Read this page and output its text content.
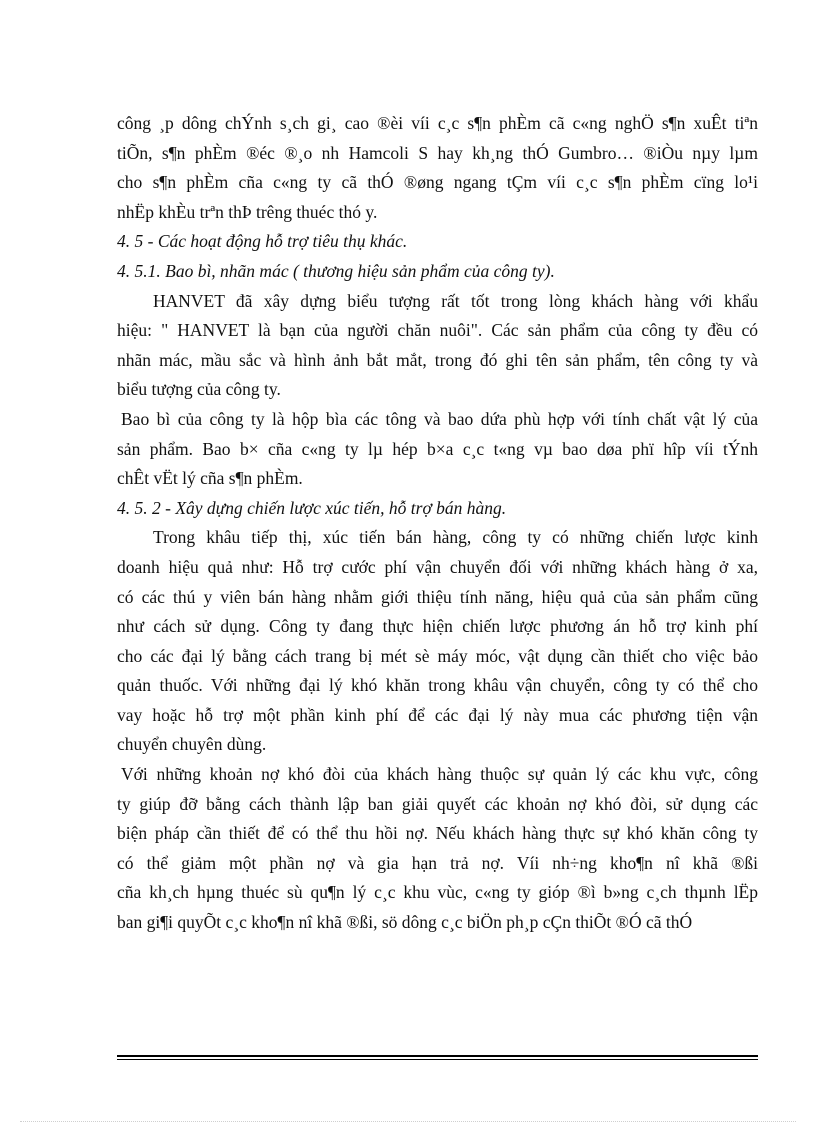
công ¸p dông chÝnh s¸ch gi¸ cao ®èi víi c¸c s¶n phÈm cã c«ng nghÖ s¶n xuÊt tiªn
tiÕn, s¶n phÈm ®éc ®¸o nh Hamcoli S hay kh¸ng thÓ Gumbro… ®iÒu nµy lµm
cho s¶n phÈm cña c«ng ty cã thÓ ®øng ngang tÇm víi c¸c s¶n phÈm cïng lo¹i
nhËp khÈu trªn thÞ trêng thuéc thó y.
4. 5 - Các hoạt động hỗ trợ tiêu thụ khác.
4. 5.1. Bao bì, nhãn mác ( thương hiệu sản phẩm của công ty).
HANVET đã xây dựng biểu tượng rất tốt trong lòng khách hàng với khẩu
hiệu: " HANVET là bạn của người chăn nuôi". Các sản phẩm của công ty đều có
nhãn mác, mầu sắc và hình ảnh bắt mắt, trong đó ghi tên sản phẩm, tên công ty và
biểu tượng của công ty.
Bao bì của công ty là hộp bìa các tông và bao dứa phù hợp với tính chất vật lý của
sản phẩm. Bao b× cña c«ng ty lµ hép b×a c¸c t«ng vµ bao døa phï hîp víi tÝnh
chÊt vËt lý cña s¶n phÈm.
4. 5. 2 - Xây dựng chiến lược xúc tiến, hỗ trợ bán hàng.
Trong khâu tiếp thị, xúc tiến bán hàng, công ty có những chiến lược kinh
doanh hiệu quả như: Hỗ trợ cước phí vận chuyển đối với những khách hàng ở xa,
có các thú y viên bán hàng nhằm giới thiệu tính năng, hiệu quả của sản phẩm cũng
như cách sử dụng. Công ty đang thực hiện chiến lược phương án hỗ trợ kinh phí
cho các đại lý bằng cách trang bị mét sè máy móc, vật dụng cần thiết cho việc bảo
quản thuốc. Với những đại lý khó khăn trong khâu vận chuyển, công ty có thể cho
vay hoặc hỗ trợ một phần kinh phí để các đại lý này mua các phương tiện vận
chuyển chuyên dùng.
Với những khoản nợ khó đòi của khách hàng thuộc sự quản lý các khu vực, công
ty giúp đỡ bằng cách thành lập ban giải quyết các khoản nợ khó đòi, sử dụng các
biện pháp cần thiết để có thể thu hồi nợ. Nếu khách hàng thực sự khó khăn công ty
có thể giảm một phần nợ và gia hạn trả nợ. Víi nh÷ng kho¶n nî khã ®ßi
cña kh¸ch hµng thuéc sù qu¶n lý c¸c khu vùc, c«ng ty gióp ®ì b»ng c¸ch thµnh lËp
ban gi¶i quyÕt c¸c kho¶n nî khã ®ßi, sö dông c¸c biÖn ph¸p cÇn thiÕt ®Ó cã thÓ
